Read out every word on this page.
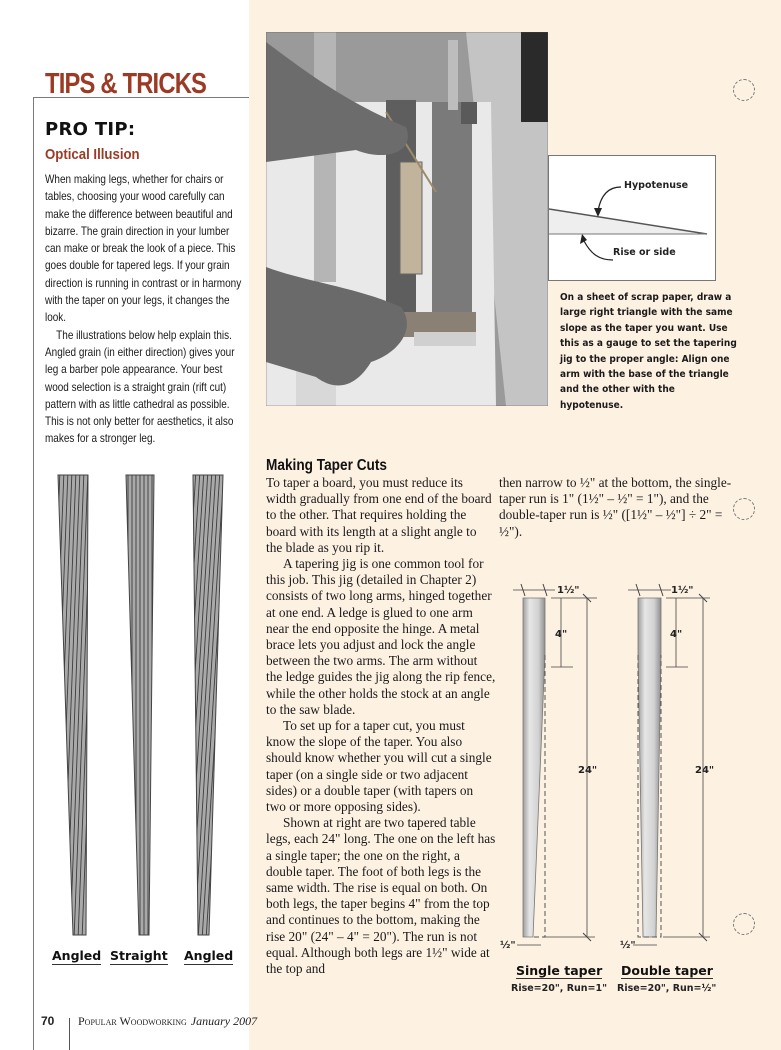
TIPS & TRICKS
PRO TIP:
Optical Illusion

When making legs, whether for chairs or tables, choosing your wood carefully can make the difference between beautiful and bizarre. The grain direction in your lumber can make or break the look of a piece. This goes double for tapered legs. If your grain direction is running in contrast or in harmony with the taper on your legs, it changes the look.

The illustrations below help explain this. Angled grain (in either direction) gives your leg a barber pole appearance. Your best wood selection is a straight grain (rift cut) pattern with as little cathedral as possible. This is not only better for aesthetics, it also makes for a stronger leg.

Angled Straight Angled
Hypotenuse
Rise or side
On a sheet of scrap paper, draw a large right triangle with the same slope as the taper you want. Use this as a gauge to set the tapering jig to the proper angle: Align one arm with the base of the triangle and the other with the hypotenuse.
Making Taper Cuts

To taper a board, you must reduce its width gradually from one end of the board to the other. That requires holding the board with its length at a slight angle to the blade as you rip it.

A tapering jig is one common tool for this job. This jig (detailed in Chapter 2) consists of two long arms, hinged together at one end. A ledge is glued to one arm near the end opposite the hinge. A metal brace lets you adjust and lock the angle between the two arms. The arm without the ledge guides the jig along the rip fence, while the other holds the stock at an angle to the saw blade.

To set up for a taper cut, you must know the slope of the taper. You also should know whether you will cut a single taper (on a single side or two adjacent sides) or a double taper (with tapers on two or more opposing sides).

Shown at right are two tapered table legs, each 24" long. The one on the left has a single taper; the one on the right, a double taper. The foot of both legs is the same width. The rise is equal on both. On both legs, the taper begins 4" from the top and continues to the bottom, making the rise 20" (24" – 4" = 20"). The run is not equal. Although both legs are 1½" wide at the top and

then narrow to ½" at the bottom, the single-taper run is 1" (1½" – ½" = 1"), and the double-taper run is ½" ([1½" – ½"] ÷ 2" = ½").

1½"
4"
24"
½"
1½"
4"
24"
½"
Single taper
Rise=20", Run=1"
Double taper
Rise=20", Run=½"
70 Popular Woodworking January 2007
